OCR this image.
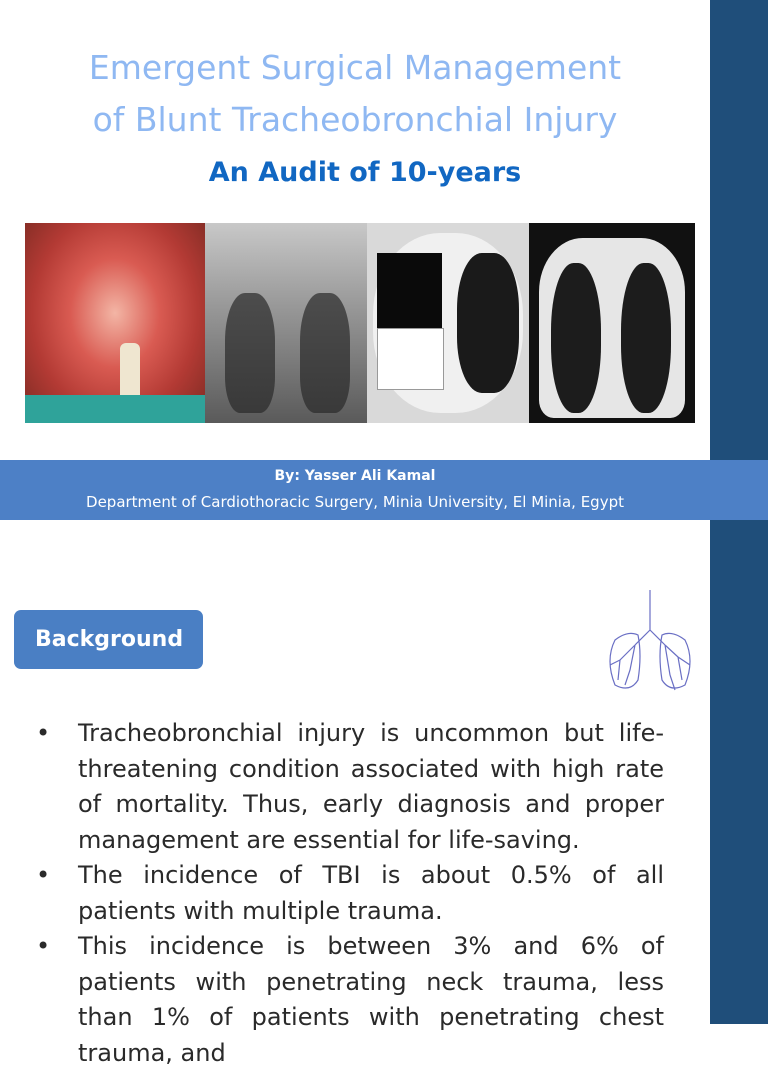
Emergent Surgical Management
of Blunt Tracheobronchial Injury
An Audit of 10-years
By: Yasser Ali Kamal
Department of Cardiothoracic Surgery, Minia University, El Minia, Egypt
Background
• Tracheobronchial injury is uncommon but life-threatening condition associated with high rate of mortality. Thus, early diagnosis and proper management are essential for life-saving.
• The incidence of TBI is about 0.5% of all patients with multiple trauma.
• This incidence is between 3% and 6% of patients with penetrating neck trauma, less than 1% of patients with penetrating chest trauma, and
